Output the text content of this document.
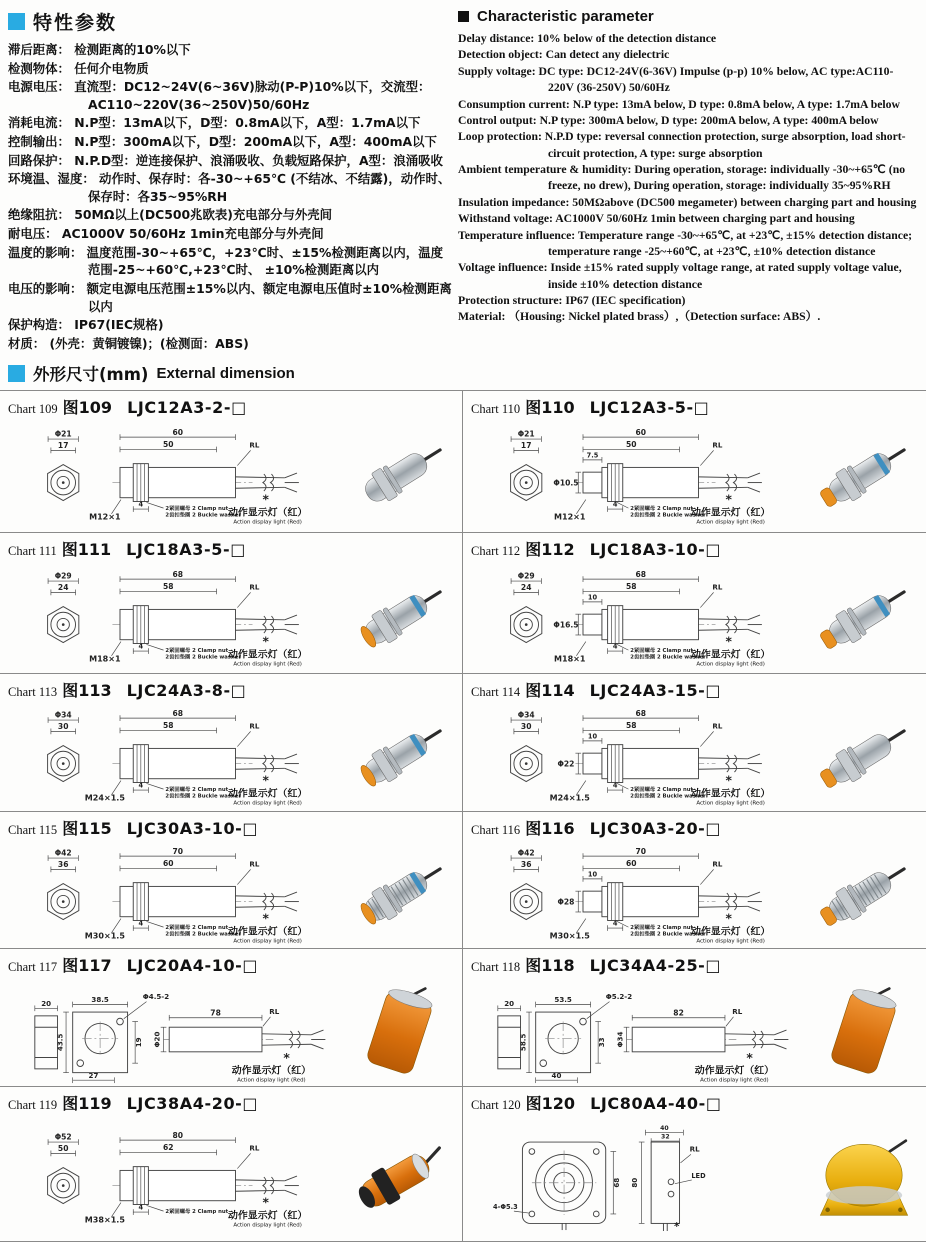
特性参数
滞后距离： 检测距离的10%以下
检测物体： 任何介电物质
电源电压： 直流型：DC12~24V(6~36V)脉动(P-P)10%以下，交流型：AC110~220V(36~250V)50/60Hz
消耗电流： N.P型：13mA以下，D型：0.8mA以下，A型：1.7mA以下
控制输出： N.P型：300mA以下，D型：200mA以下，A型：400mA以下
回路保护： N.P.D型：逆连接保护、浪涌吸收、负载短路保护，A型：浪涌吸收
环境温、湿度： 动作时、保存时：各-30~+65℃ (不结冰、不结露)，动作时、保存时：各35~95%RH
绝缘阻抗： 50MΩ以上(DC500兆欧表)充电部分与外壳间
耐电压： AC1000V 50/60Hz 1min充电部分与外壳间
温度的影响： 温度范围-30~+65℃，+23℃时、±15%检测距离以内，温度范围-25~+60℃,+23℃时、 ±10%检测距离以内
电压的影响： 额定电源电压范围±15%以内、额定电源电压值时±10%检测距离以内
保护构造： IP67(IEC规格)
材质： (外壳：黄铜镀镍)；(检测面：ABS)
Characteristic parameter
Delay distance: 10% below of the detection distance
Detection object: Can detect any dielectric
Supply voltage: DC type: DC12-24V(6-36V) Impulse (p-p) 10% below, AC type:AC110-220V (36-250V) 50/60Hz
Consumption current: N.P type: 13mA below, D type: 0.8mA below, A type: 1.7mA below
Control output: N.P type: 300mA below, D type: 200mA below, A type: 400mA below
Loop protection: N.P.D type: reversal connection protection, surge absorption, load short-circuit protection, A type: surge absorption
Ambient temperature & humidity: During operation, storage: individually -30~+65℃ (no freeze, no drew), During operation, storage: individually 35~95%RH
Insulation impedance: 50MΩabove (DC500 megameter) between charging part and housing
Withstand voltage: AC1000V 50/60Hz 1min between charging part and housing
Temperature influence: Temperature range -30~+65℃, at +23℃, ±15% detection distance; temperature range -25~+60℃, at +23℃, ±10% detection distance
Voltage influence: Inside ±15% rated supply voltage range, at rated supply voltage value, inside ±10% detection distance
Protection structure: IP67 (IEC specification)
Material: （Housing: Nickel plated brass）,（Detection surface: ABS）.
外形尺寸(mm) External dimension
Chart 109 图109 LJC12A3-2-□
Φ21
17
4
M12×1
2紧固螺母 2 Clamp nut
2齿扣垫圈 2 Buckle washer
60
50	RL
*
动作显示灯（红）
Action display light (Red)
Chart 110 图110 LJC12A3-5-□
Φ21
17
7.5
Φ10.5
4
M12×1
2紧固螺母 2 Clamp nut
2齿扣垫圈 2 Buckle washer
60
50	RL
*
动作显示灯（红）
Action display light (Red)
Chart 111 图111 LJC18A3-5-□
Φ29
24
4
M18×1
2紧固螺母 2 Clamp nut
2齿扣垫圈 2 Buckle washer
68
58	RL
*
动作显示灯（红）
Action display light (Red)
Chart 112 图112 LJC18A3-10-□
Φ29
24
10
Φ16.5
4
M18×1
2紧固螺母 2 Clamp nut
2齿扣垫圈 2 Buckle washer
68
58	RL
*
动作显示灯（红）
Action display light (Red)
Chart 113 图113 LJC24A3-8-□
Φ34
30
4
M24×1.5
2紧固螺母 2 Clamp nut
2齿扣垫圈 2 Buckle washer
68
58	RL
*
动作显示灯（红）
Action display light (Red)
Chart 114 图114 LJC24A3-15-□
Φ34
30
10
Φ22
4
M24×1.5
2紧固螺母 2 Clamp nut
2齿扣垫圈 2 Buckle washer
68
58	RL
*
动作显示灯（红）
Action display light (Red)
Chart 115 图115 LJC30A3-10-□
Φ42
36
4
M30×1.5
2紧固螺母 2 Clamp nut
2齿扣垫圈 2 Buckle washer
70
60	RL
*
动作显示灯（红）
Action display light (Red)
Chart 116 图116 LJC30A3-20-□
Φ42
36
10
Φ28
4
M30×1.5
2紧固螺母 2 Clamp nut
2齿扣垫圈 2 Buckle washer
70
60	RL
*
动作显示灯（红）
Action display light (Red)
Chart 117 图117 LJC20A4-10-□
20	38.5
43.5	19
27
Φ4.5-2
78
Φ20
RL
*
动作显示灯（红）
Action display light (Red)
Chart 118 图118 LJC34A4-25-□
20	53.5
58.5	33
40
Φ5.2-2
82
Φ34
RL
*
动作显示灯（红）
Action display light (Red)
Chart 119 图119 LJC38A4-20-□
Φ52
50
4
M38×1.5
2紧固螺母 2 Clamp nut
80
62	RL
*
动作显示灯（红）
Action display light (Red)
Chart 120 图120 LJC80A4-40-□
68
4-Φ5.3
40
32
80
LED
RL
*
